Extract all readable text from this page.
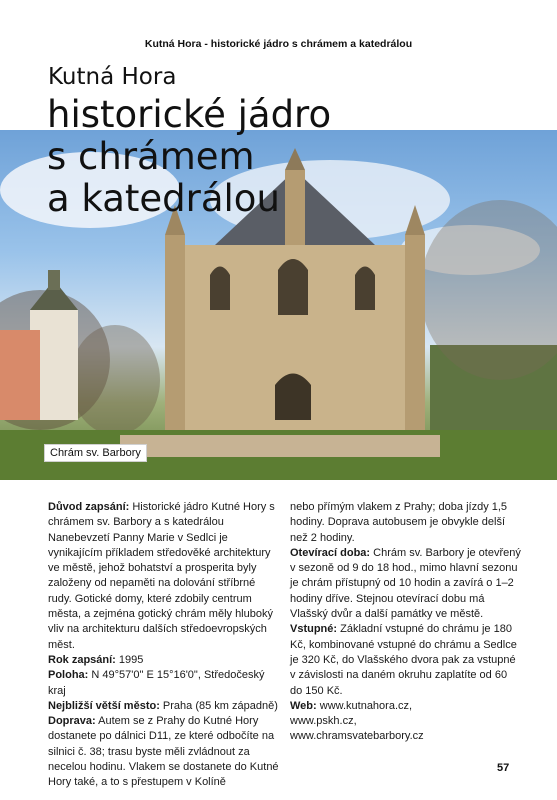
Kutná Hora - historické jádro s chrámem a katedrálou
Kutná Hora
historické jádro
s chrámem
a katedrálou
Chrám sv. Barbory

Důvod zapsání: Historické jádro Kutné Hory s chrámem sv. Barbory a s katedrálou Nanebevzetí Panny Marie v Sedlci je vynikajícím příkladem středověké architektury ve městě, jehož bohatství a prosperita byly založeny od nepaměti na dolování stříbrné rudy. Gotické domy, které zdobily centrum města, a zejména gotický chrám měly hluboký vliv na architekturu dalších středoevropských měst.

Rok zapsání: 1995

Poloha: N 49°57'0" E 15°16'0", Středočeský kraj

Nejbližší větší město: Praha (85 km západně)

Doprava: Autem se z Prahy do Kutné Hory dostanete po dálnici D11, ze které odbočíte na silnici č. 38; trasu byste měli zvládnout za necelou hodinu. Vlakem se dostanete do Kutné Hory také, a to s přestupem v Kolíně

nebo přímým vlakem z Prahy; doba jízdy 1,5 hodiny. Doprava autobusem je obvykle delší než 2 hodiny.

Otevírací doba: Chrám sv. Barbory je otevřený v sezoně od 9 do 18 hod., mimo hlavní sezonu je chrám přístupný od 10 hodin a zavírá o 1–2 hodiny dříve. Stejnou otevírací dobu má Vlašský dvůr a další památky ve městě.

Vstupné: Základní vstupné do chrámu je 180 Kč, kombinované vstupné do chrámu a Sedlce je 320 Kč, do Vlašského dvora pak za vstupné v závislosti na daném okruhu zaplatíte od 60 do 150 Kč.

Web: www.kutnahora.cz,

www.pskh.cz,

www.chramsvatebarbory.cz

57
